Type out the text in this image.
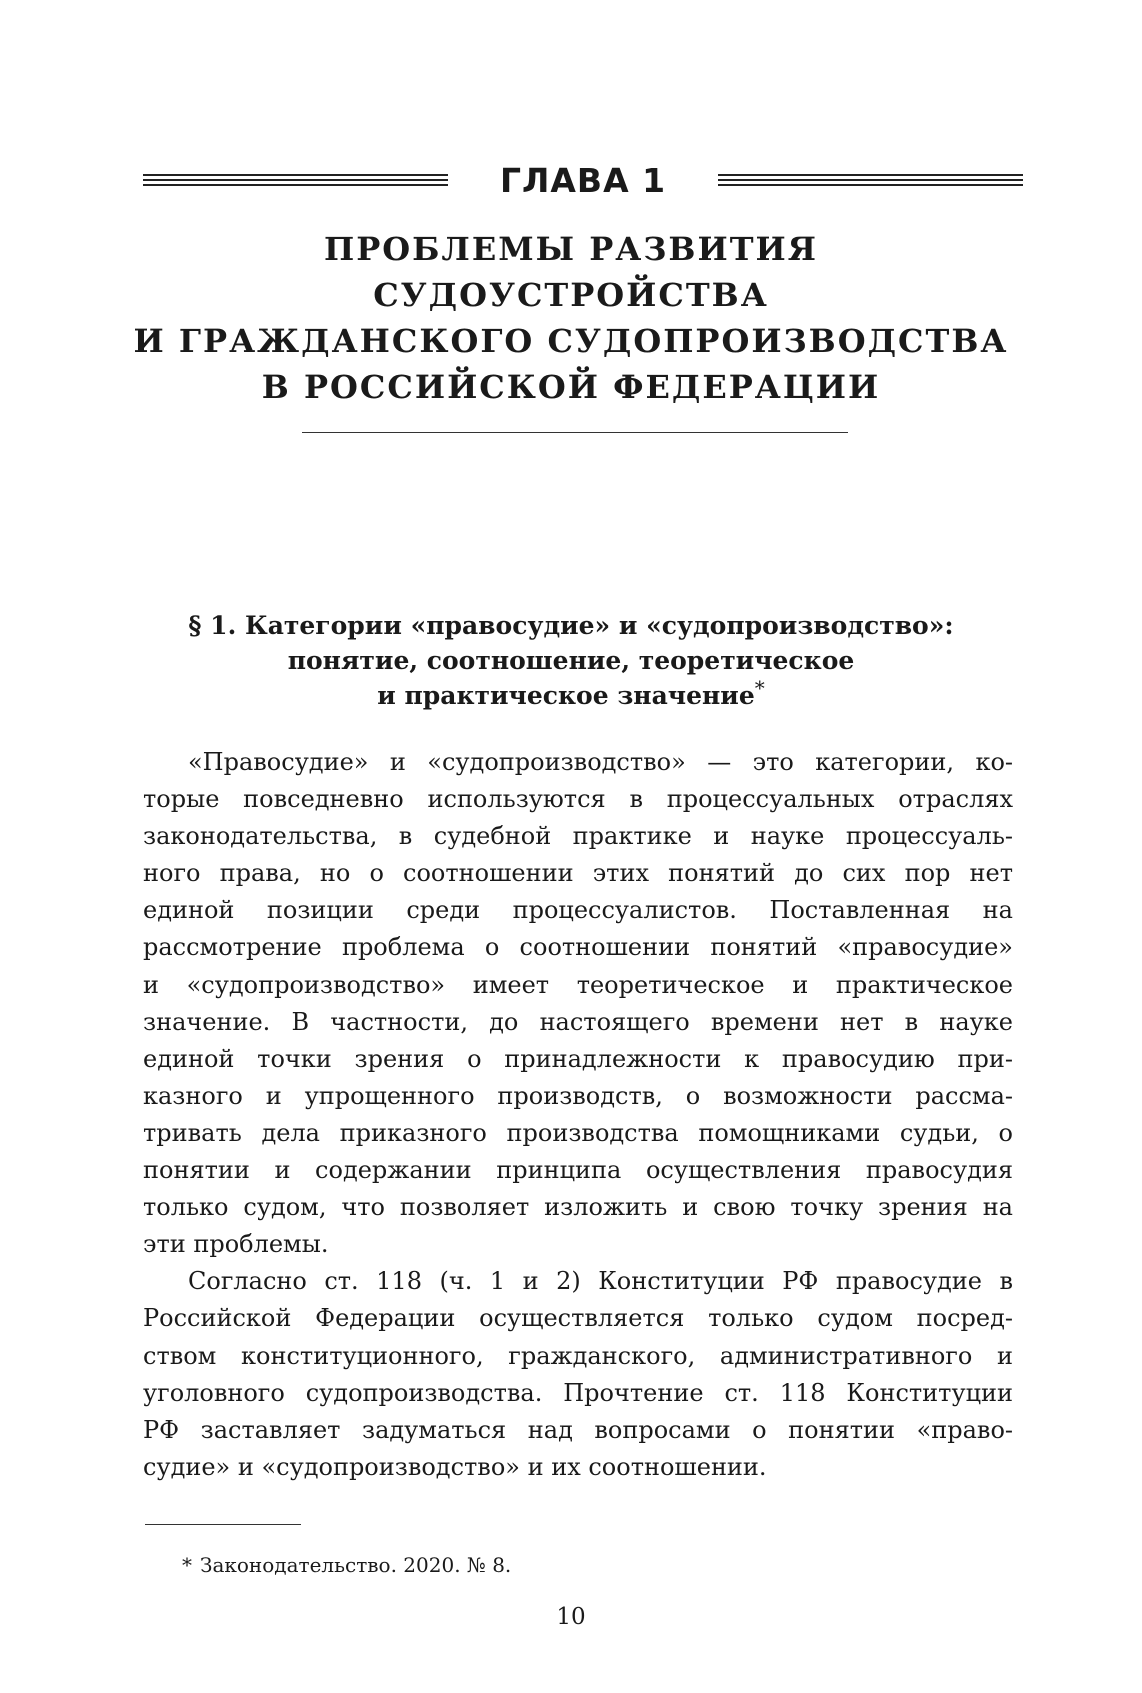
ГЛАВА 1
ПРОБЛЕМЫ РАЗВИТИЯ
СУДОУСТРОЙСТВА
И ГРАЖДАНСКОГО СУДОПРОИЗВОДСТВА
В РОССИЙСКОЙ ФЕДЕРАЦИИ
§ 1. Категории «правосудие» и «судопроизводство»:
понятие, соотношение, теоретическое
и практическое значение*
«Правосудие» и «судопроизводство» — это категории, ко-
торые повседневно используются в процессуальных отраслях
законодательства, в судебной практике и науке процессуаль-
ного права, но о соотношении этих понятий до сих пор нет
единой позиции среди процессуалистов. Поставленная на
рассмотрение проблема о соотношении понятий «правосудие»
и «судопроизводство» имеет теоретическое и практическое
значение. В частности, до настоящего времени нет в науке
единой точки зрения о принадлежности к правосудию при-
казного и упрощенного производств, о возможности рассма-
тривать дела приказного производства помощниками судьи, о
понятии и содержании принципа осуществления правосудия
только судом, что позволяет изложить и свою точку зрения на
эти проблемы.
Согласно ст. 118 (ч. 1 и 2) Конституции РФ правосудие в
Российской Федерации осуществляется только судом посред-
ством конституционного, гражданского, административного и
уголовного судопроизводства. Прочтение ст. 118 Конституции
РФ заставляет задуматься над вопросами о понятии «право-
судие» и «судопроизводство» и их соотношении.
* Законодательство. 2020. № 8.
10
